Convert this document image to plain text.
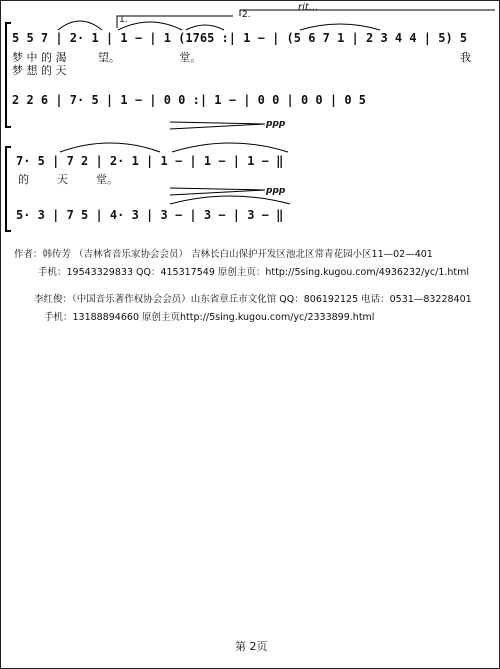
rit...
1.	2.
5 5 7 | 2· 1 | 1 − | 1 (1765 :| 1 − | (5 6 7 1 | 2 3 4 4 | 5) 5
梦 中 的 渴         望。                 堂。
梦 想 的 天
我
2 2 6 | 7· 5 | 1 − | 0 0 :| 1 − | 0 0 | 0 0 | 0 5
ppp
7· 5 | 7 2 | 2· 1 | 1 − | 1 − | 1 − ‖
的        天        堂。
ppp
5· 3 | 7 5 | 4· 3 | 3 − | 3 − | 3 − ‖
作者：韩传芳 （吉林省音乐家协会会员） 吉林长白山保护开发区池北区常青花园小区11—02—401
手机：19543329833 QQ：415317549 原创主页：http://5sing.kugou.com/4936232/yc/1.html
李红俊：（中国音乐著作权协会会员）山东省章丘市文化馆 QQ：806192125 电话：0531—83228401
手机：13188894660 原创主页http://5sing.kugou.com/yc/2333899.html
第 2页
